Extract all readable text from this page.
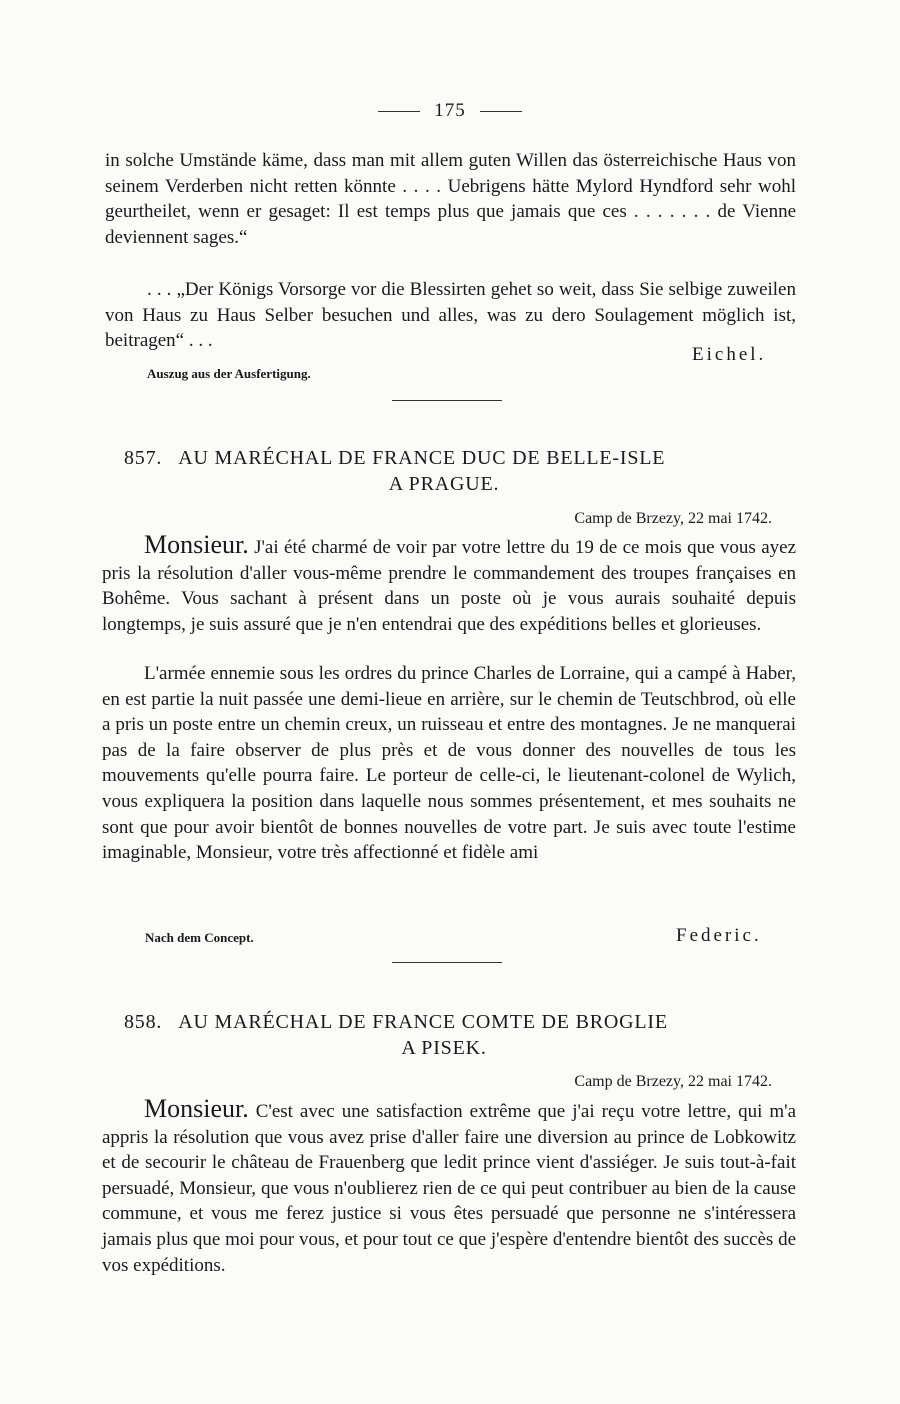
175
in solche Umstände käme, dass man mit allem guten Willen das österreichische Haus von seinem Verderben nicht retten könnte . . . . Uebrigens hätte Mylord Hyndford sehr wohl geurtheilet, wenn er gesaget: Il est temps plus que jamais que ces . . . . . . . de Vienne deviennent sages.“
. . . „Der Königs Vorsorge vor die Blessirten gehet so weit, dass Sie selbige zuweilen von Haus zu Haus Selber besuchen und alles, was zu dero Soulagement möglich ist, beitragen“ . . .
Eichel.
Auszug aus der Ausfertigung.
857. AU MARÉCHAL DE FRANCE DUC DE BELLE-ISLE
A PRAGUE.
Camp de Brzezy, 22 mai 1742.
Monsieur. J'ai été charmé de voir par votre lettre du 19 de ce mois que vous ayez pris la résolution d'aller vous-même prendre le commandement des troupes françaises en Bohême. Vous sachant à présent dans un poste où je vous aurais souhaité depuis longtemps, je suis assuré que je n'en entendrai que des expéditions belles et glorieuses.
L'armée ennemie sous les ordres du prince Charles de Lorraine, qui a campé à Haber, en est partie la nuit passée une demi-lieue en arrière, sur le chemin de Teutschbrod, où elle a pris un poste entre un chemin creux, un ruisseau et entre des montagnes. Je ne manquerai pas de la faire observer de plus près et de vous donner des nouvelles de tous les mouvements qu'elle pourra faire. Le porteur de celle-ci, le lieutenant-colonel de Wylich, vous expliquera la position dans laquelle nous sommes présentement, et mes souhaits ne sont que pour avoir bientôt de bonnes nouvelles de votre part. Je suis avec toute l'estime imaginable, Monsieur, votre très affectionné et fidèle ami
Nach dem Concept.	Federic.
858. AU MARÉCHAL DE FRANCE COMTE DE BROGLIE
A PISEK.
Camp de Brzezy, 22 mai 1742.
Monsieur. C'est avec une satisfaction extrême que j'ai reçu votre lettre, qui m'a appris la résolution que vous avez prise d'aller faire une diversion au prince de Lobkowitz et de secourir le château de Frauenberg que ledit prince vient d'assiéger. Je suis tout-à-fait persuadé, Monsieur, que vous n'oublierez rien de ce qui peut contribuer au bien de la cause commune, et vous me ferez justice si vous êtes persuadé que personne ne s'intéressera jamais plus que moi pour vous, et pour tout ce que j'espère d'entendre bientôt des succès de vos expéditions.
